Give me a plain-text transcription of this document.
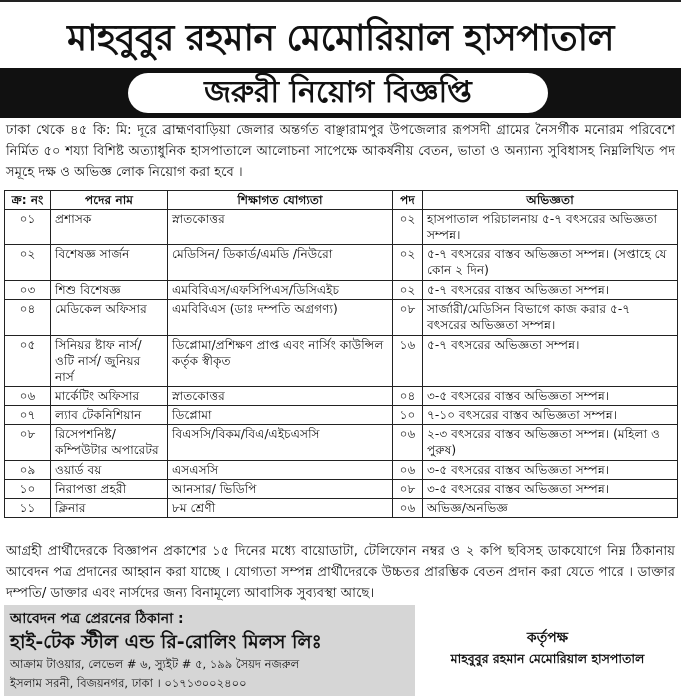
মাহবুবুর রহমান মেমোরিয়াল হাসপাতাল
জরুরী নিয়োগ বিজ্ঞপ্তি
ঢাকা থেকে ৪৫ কি: মি: দূরে ব্রাহ্মণবাড়িয়া জেলার অন্তর্গত বাঞ্ছারামপুর উপজেলার রূপসদী গ্রামের নৈসর্গীক মনোরম পরিবেশে নির্মিত ৫০ শয্যা বিশিষ্ট অত্যাধুনিক হাসপাতালে আলোচনা সাপেক্ষে আকর্ষনীয় বেতন, ভাতা ও অন্যান্য সুবিধাসহ নিম্নলিখিত পদ সমূহে দক্ষ ও অভিজ্ঞ লোক নিয়োগ করা হবে ।
ক্র: নং	পদের নাম	শিক্ষাগত যোগ্যতা	পদ	অভিজ্ঞতা
০১	প্রশাসক	স্নাতকোত্তর	০২	হাসপাতাল পরিচালনায় ৫-৭ বৎসরের অভিজ্ঞতা সম্পন্ন।
০২	বিশেষজ্ঞ সার্জন	মেডিসিন/ ডিকার্ড/এমডি /নিউরো	০২	৫-৭ বৎসরের বাস্তব অভিজ্ঞতা সম্পন্ন। (সপ্তাহে যে কোন ২ দিন)
০৩	শিশু বিশেষজ্ঞ	এমবিবিএস/এফসিপিএস/ডিসিএইচ	০২	৫-৭ বৎসরের বাস্তব অভিজ্ঞতা সম্পন্ন।
০৪	মেডিকেল অফিসার	এমবিবিএস (ডাঃ দম্পতি অগ্রগণ্য)	০৮	সার্জারী/মেডিসিন বিভাগে কাজ করার ৫-৭ বৎসরের অভিজ্ঞতা সম্পন্ন।
০৫	সিনিয়র ষ্টাফ নার্স/ ওটি নার্স/ জুনিয়র নার্স	ডিপ্লোমা/প্রশিক্ষণ প্রাপ্ত এবং নার্সিং কাউন্সিল কর্তৃক স্বীকৃত	১৬	৫-৭ বৎসরের অভিজ্ঞতা সম্পন্ন।
০৬	মার্কেটিং অফিসার	স্নাতকোত্তর	০৪	৩-৫ বৎসরের বাস্তব অভিজ্ঞতা সম্পন্ন।
০৭	ল্যাব টেকনিশিয়ান	ডিপ্লোমা	১০	৭-১০ বৎসরের বাস্তব অভিজ্ঞতা সম্পন্ন।
০৮	রিসেপশনিষ্ট/ কম্পিউটার অপারেটর	বিএসসি/বিকম/বিএ/এইচএসসি	০৬	২-৩ বৎসরের বাস্তব অভিজ্ঞতা সম্পন্ন। (মহিলা ও পুরুষ)
০৯	ওয়ার্ড বয়	এসএসসি	০৬	৩-৫ বৎসরের বাস্তব অভিজ্ঞতা সম্পন্ন।
১০	নিরাপত্তা প্রহরী	আনসার/ ভিডিপি	০৮	৩-৫ বৎসরের বাস্তব অভিজ্ঞতা সম্পন্ন।
১১	ক্লিনার	৮ম শ্রেণী	০৬	অভিজ্ঞ/অনভিজ্ঞ
আগ্রহী প্রার্থীদেরকে বিজ্ঞাপন প্রকাশের ১৫ দিনের মধ্যে বায়োডাটা, টেলিফোন নম্বর ও ২ কপি ছবিসহ ডাকযোগে নিম্ন ঠিকানায় আবেদন পত্র প্রদানের আহ্বান করা যাচ্ছে । যোগ্যতা সম্পন্ন প্রার্থীদেরকে উচ্চতর প্রারম্ভিক বেতন প্রদান করা যেতে পারে । ডাক্তার দম্পতি/ ডাক্তার এবং নার্সদের জন্য বিনামূল্যে আবাসিক সুব্যবস্থা আছে।
আবেদন পত্র প্রেরনের ঠিকানা :
হাই-টেক স্টীল এন্ড রি-রোলিং মিলস লিঃ
আক্রাম টাওয়ার, লেভেল # ৬, স্যুইট # ৫, ১৯৯ সৈয়দ নজরুল
ইসলাম সরনী, বিজয়নগর, ঢাকা । ০১৭১৩০০২৪০০
কর্তৃপক্ষ
মাহবুবুর রহমান মেমোরিয়াল হাসপাতাল
